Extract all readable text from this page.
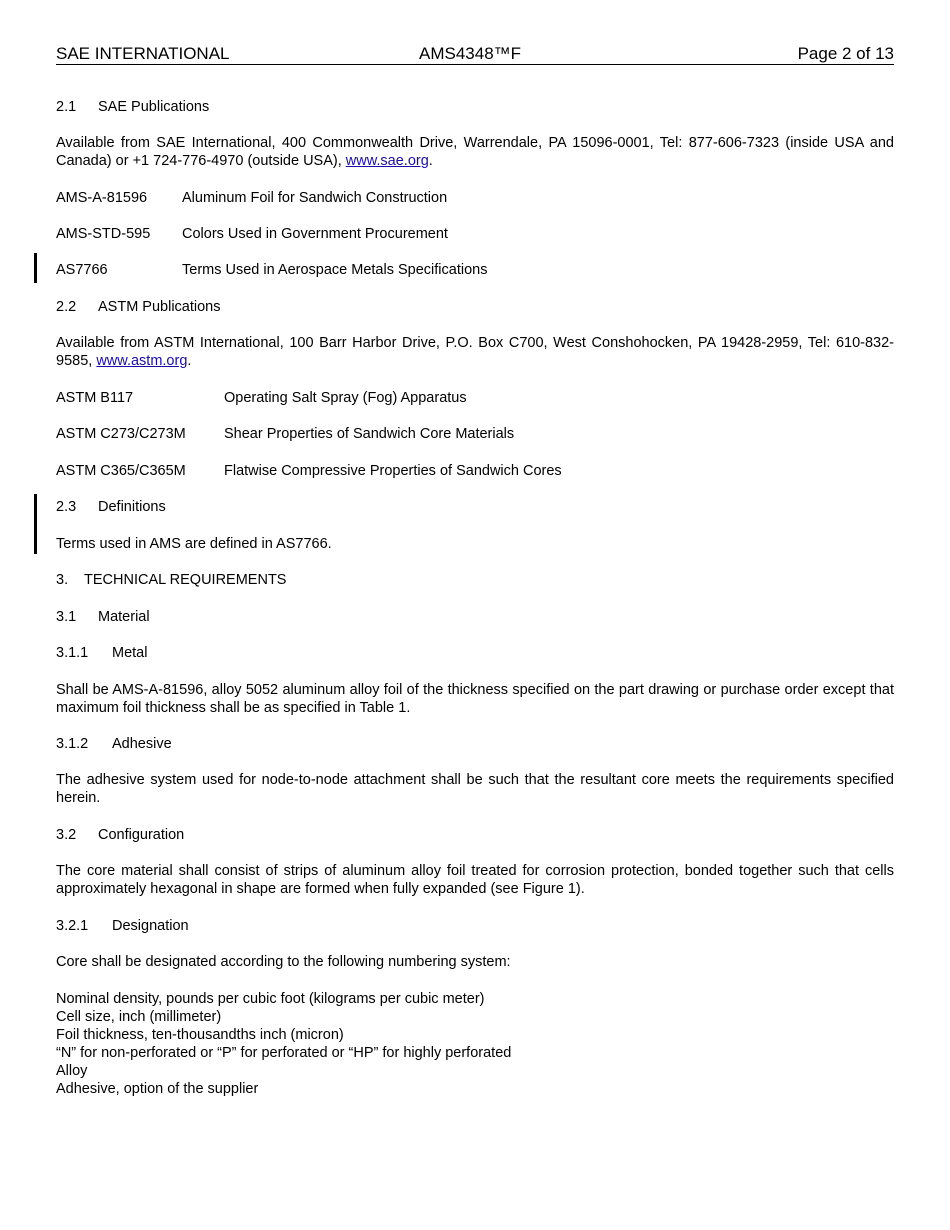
SAE INTERNATIONAL	AMS4348™F	Page 2 of 13
2.1 SAE Publications
Available from SAE International, 400 Commonwealth Drive, Warrendale, PA 15096-0001, Tel: 877-606-7323 (inside USA and Canada) or +1 724-776-4970 (outside USA), www.sae.org.
AMS-A-81596 Aluminum Foil for Sandwich Construction
AMS-STD-595 Colors Used in Government Procurement
AS7766	Terms Used in Aerospace Metals Specifications
2.2 ASTM Publications
Available from ASTM International, 100 Barr Harbor Drive, P.O. Box C700, West Conshohocken, PA 19428-2959, Tel: 610-832-9585, www.astm.org.
ASTM B117	Operating Salt Spray (Fog) Apparatus
ASTM C273/C273M	Shear Properties of Sandwich Core Materials
ASTM C365/C365M	Flatwise Compressive Properties of Sandwich Cores
2.3 Definitions
Terms used in AMS are defined in AS7766.
3. TECHNICAL REQUIREMENTS
3.1 Material
3.1.1 Metal
Shall be AMS-A-81596, alloy 5052 aluminum alloy foil of the thickness specified on the part drawing or purchase order except that maximum foil thickness shall be as specified in Table 1.
3.1.2 Adhesive
The adhesive system used for node-to-node attachment shall be such that the resultant core meets the requirements specified herein.
3.2 Configuration
The core material shall consist of strips of aluminum alloy foil treated for corrosion protection, bonded together such that cells approximately hexagonal in shape are formed when fully expanded (see Figure 1).
3.2.1 Designation
Core shall be designated according to the following numbering system:
Nominal density, pounds per cubic foot (kilograms per cubic meter)
Cell size, inch (millimeter)
Foil thickness, ten-thousandths inch (micron)
“N” for non-perforated or “P” for perforated or “HP” for highly perforated
Alloy
Adhesive, option of the supplier
